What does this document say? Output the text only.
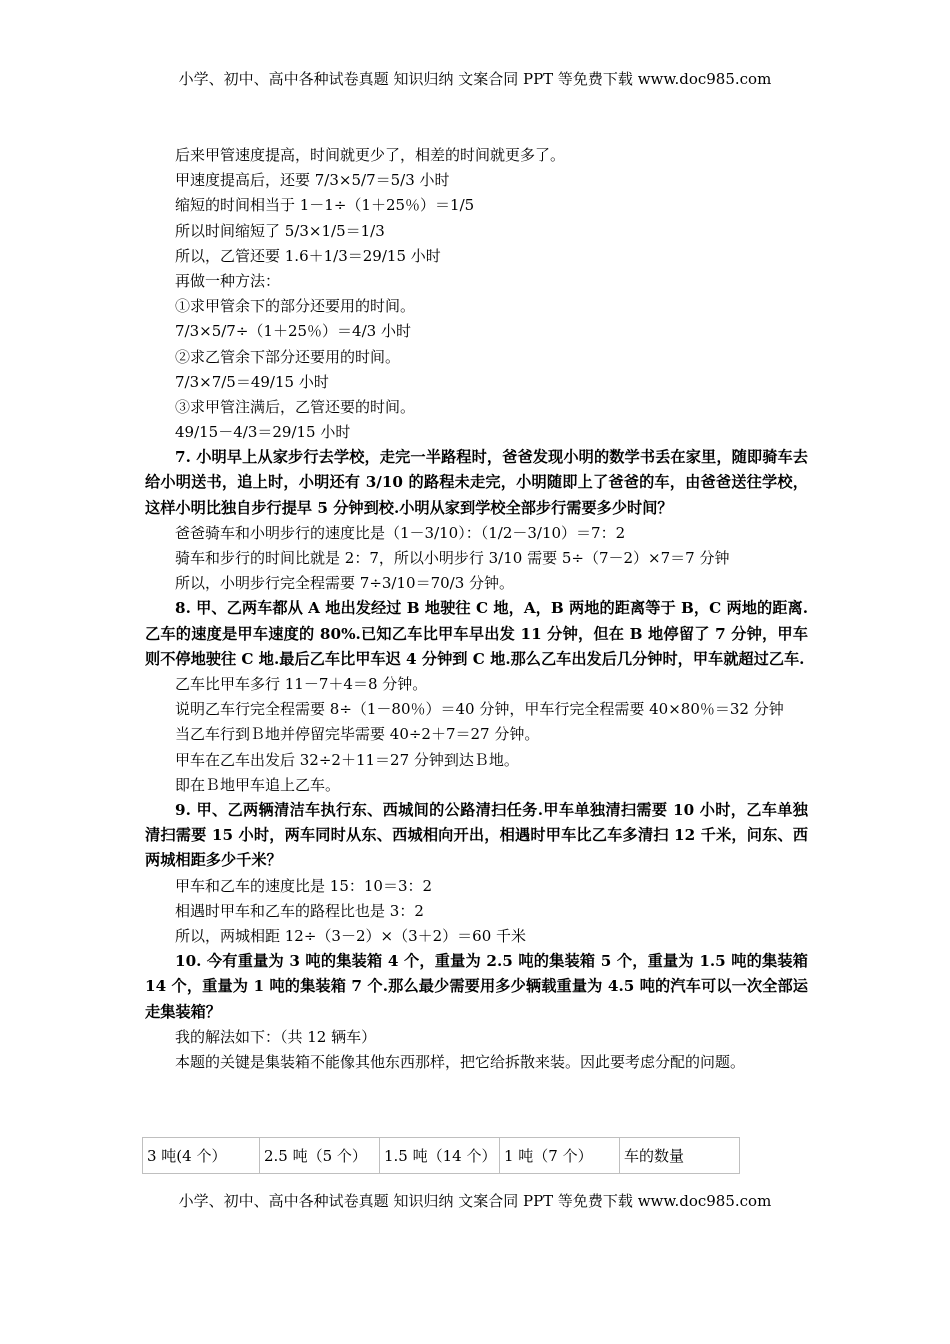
小学、初中、高中各种试卷真题 知识归纳 文案合同 PPT 等免费下载 www.doc985.com
后来甲管速度提高，时间就更少了，相差的时间就更多了。
甲速度提高后，还要 7/3×5/7＝5/3 小时
缩短的时间相当于 1－1÷（1＋25％）＝1/5
所以时间缩短了 5/3×1/5＝1/3
所以，乙管还要 1.6＋1/3＝29/15 小时
再做一种方法：
①求甲管余下的部分还要用的时间。
7/3×5/7÷（1＋25％）＝4/3 小时
②求乙管余下部分还要用的时间。
7/3×7/5＝49/15 小时
③求甲管注满后，乙管还要的时间。
49/15－4/3＝29/15 小时
7. 小明早上从家步行去学校，走完一半路程时，爸爸发现小明的数学书丢在家里，随即骑车去给小明送书，追上时，小明还有 3/10 的路程未走完，小明随即上了爸爸的车，由爸爸送往学校，这样小明比独自步行提早 5 分钟到校.小明从家到学校全部步行需要多少时间？
爸爸骑车和小明步行的速度比是（1－3/10）：（1/2－3/10）＝7：2
骑车和步行的时间比就是 2：7，所以小明步行 3/10 需要 5÷（7－2）×7＝7 分钟
所以，小明步行完全程需要 7÷3/10＝70/3 分钟。
8. 甲、乙两车都从 A 地出发经过 B 地驶往 C 地，A，B 两地的距离等于 B，C 两地的距离.乙车的速度是甲车速度的 80%.已知乙车比甲车早出发 11 分钟，但在 B 地停留了 7 分钟，甲车则不停地驶往 C 地.最后乙车比甲车迟 4 分钟到 C 地.那么乙车出发后几分钟时，甲车就超过乙车.
乙车比甲车多行 11－7＋4＝8 分钟。
说明乙车行完全程需要 8÷（1－80％）＝40 分钟，甲车行完全程需要 40×80％＝32 分钟
当乙车行到Ｂ地并停留完毕需要 40÷2＋7＝27 分钟。
甲车在乙车出发后 32÷2＋11＝27 分钟到达Ｂ地。
即在Ｂ地甲车追上乙车。
9. 甲、乙两辆清洁车执行东、西城间的公路清扫任务.甲车单独清扫需要 10 小时，乙车单独清扫需要 15 小时，两车同时从东、西城相向开出，相遇时甲车比乙车多清扫 12 千米，问东、西两城相距多少千米？
甲车和乙车的速度比是 15：10＝3：2
相遇时甲车和乙车的路程比也是 3：2
所以，两城相距 12÷（3－2）×（3＋2）＝60 千米
10. 今有重量为 3 吨的集装箱 4 个，重量为 2.5 吨的集装箱 5 个，重量为 1.5 吨的集装箱 14 个，重量为 1 吨的集装箱 7 个.那么最少需要用多少辆载重量为 4.5 吨的汽车可以一次全部运走集装箱？
我的解法如下：（共 12 辆车）
本题的关键是集装箱不能像其他东西那样，把它给拆散来装。因此要考虑分配的问题。
3 吨(4 个）	2.5 吨（5 个）	1.5 吨（14 个）	1 吨（7 个）	车的数量
小学、初中、高中各种试卷真题 知识归纳 文案合同 PPT 等免费下载 www.doc985.com
